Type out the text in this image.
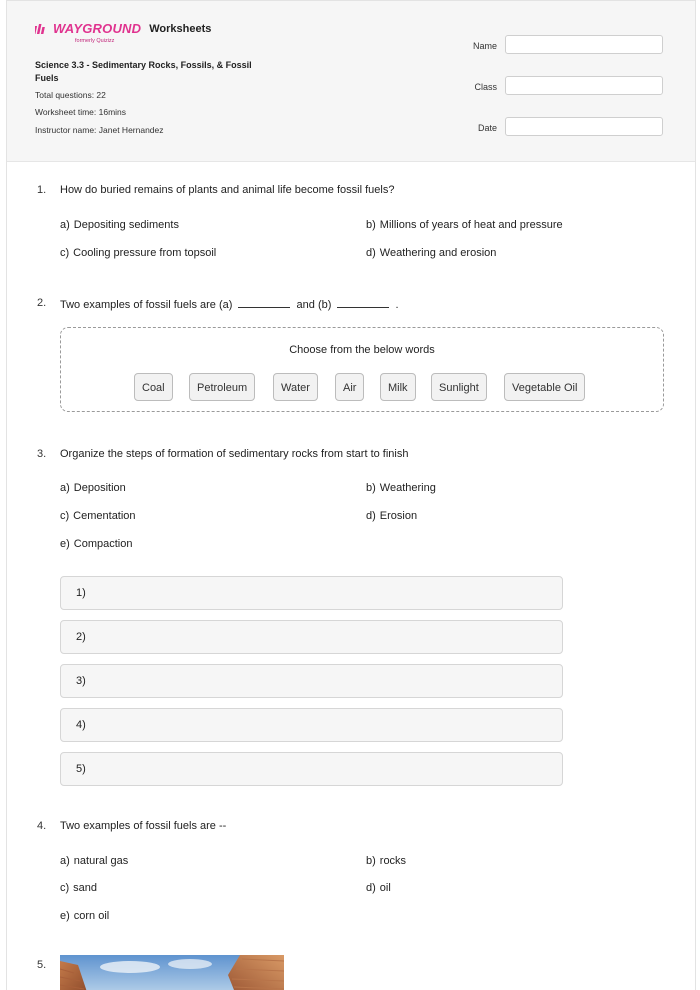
WAYGROUND Worksheets
formerly Quizizz
Science 3.3 - Sedimentary Rocks, Fossils, & Fossil Fuels
Total questions: 22
Worksheet time: 16mins
Instructor name: Janet Hernandez
Name
Class
Date
1. How do buried remains of plants and animal life become fossil fuels?
a) Depositing sediments	b) Millions of years of heat and pressure
c) Cooling pressure from topsoil	d) Weathering and erosion
2. Two examples of fossil fuels are (a)	and (b)	.
Choose from the below words
Coal	Petroleum	Water	Air	Milk	Sunlight	Vegetable Oil
3. Organize the steps of formation of sedimentary rocks from start to finish
a) Deposition	b) Weathering
c) Cementation	d) Erosion
e) Compaction
1)
2)
3)
4)
5)
4. Two examples of fossil fuels are --
a) natural gas	b) rocks
c) sand	d) oil
e) corn oil
5.
